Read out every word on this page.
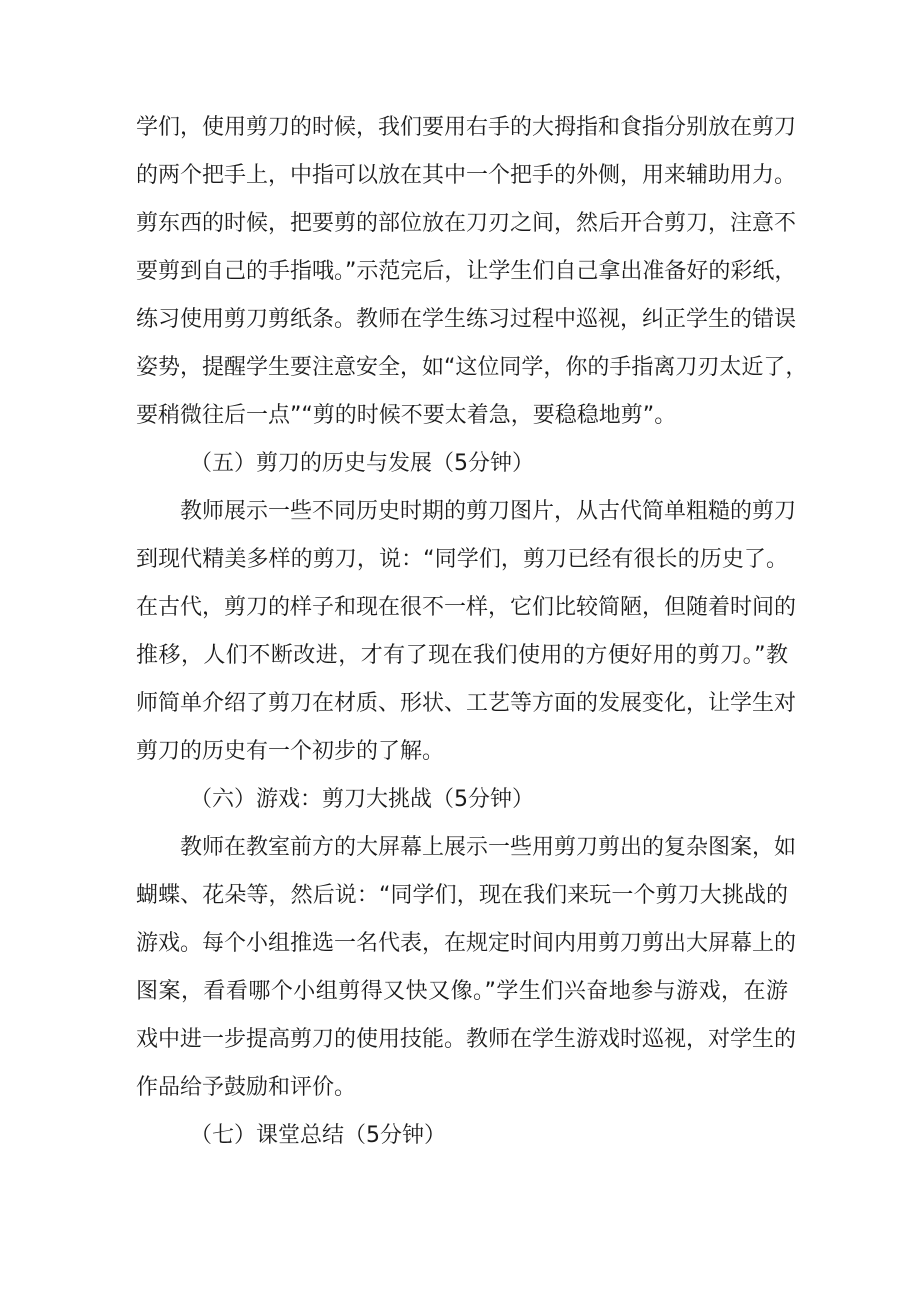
学们，使用剪刀的时候，我们要用右手的大拇指和食指分别放在剪刀
的两个把手上，中指可以放在其中一个把手的外侧，用来辅助用力。
剪东西的时候，把要剪的部位放在刀刃之间，然后开合剪刀，注意不
要剪到自己的手指哦。”示范完后，让学生们自己拿出准备好的彩纸，
练习使用剪刀剪纸条。教师在学生练习过程中巡视，纠正学生的错误
姿势，提醒学生要注意安全，如“这位同学，你的手指离刀刃太近了，
要稍微往后一点”“剪的时候不要太着急，要稳稳地剪”。
（五）剪刀的历史与发展（5分钟）
教师展示一些不同历史时期的剪刀图片，从古代简单粗糙的剪刀
到现代精美多样的剪刀，说：“同学们，剪刀已经有很长的历史了。
在古代，剪刀的样子和现在很不一样，它们比较简陋，但随着时间的
推移，人们不断改进，才有了现在我们使用的方便好用的剪刀。”教
师简单介绍了剪刀在材质、形状、工艺等方面的发展变化，让学生对
剪刀的历史有一个初步的了解。
（六）游戏：剪刀大挑战（5分钟）
教师在教室前方的大屏幕上展示一些用剪刀剪出的复杂图案，如
蝴蝶、花朵等，然后说：“同学们，现在我们来玩一个剪刀大挑战的
游戏。每个小组推选一名代表，在规定时间内用剪刀剪出大屏幕上的
图案，看看哪个小组剪得又快又像。”学生们兴奋地参与游戏，在游
戏中进一步提高剪刀的使用技能。教师在学生游戏时巡视，对学生的
作品给予鼓励和评价。
（七）课堂总结（5分钟）
